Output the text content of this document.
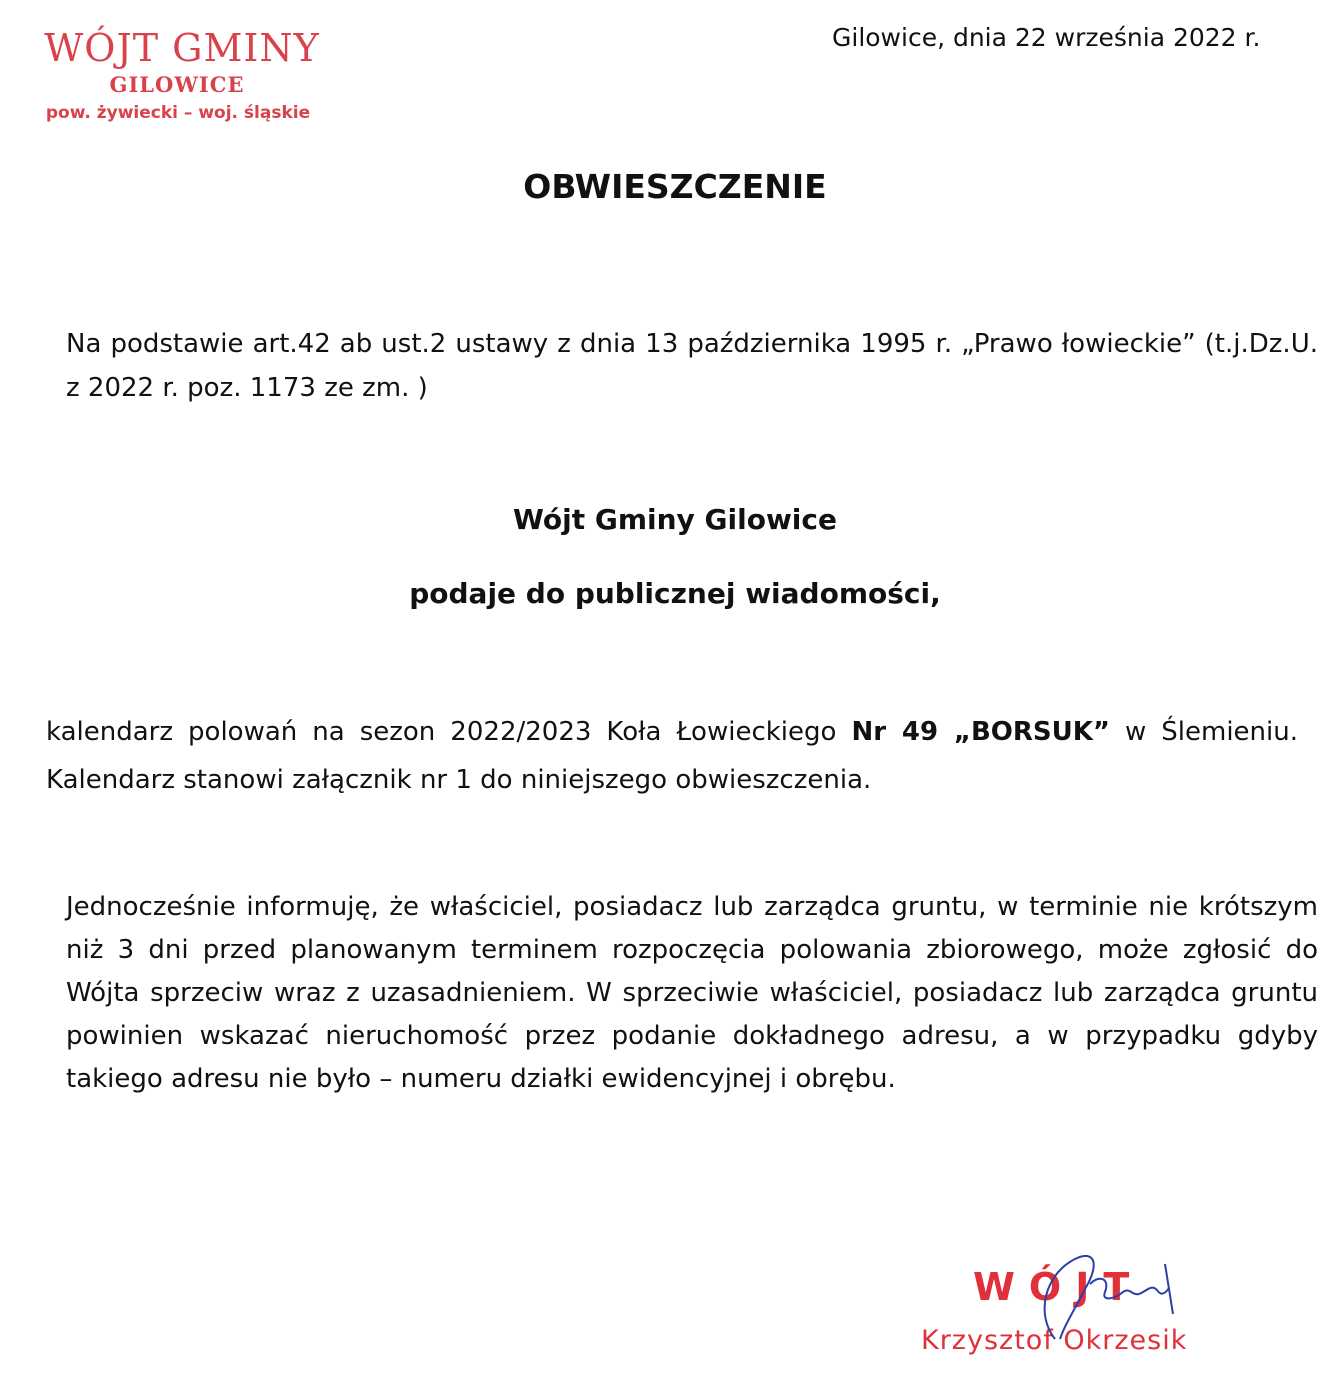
WÓJT GMINY
GILOWICE
pow. żywiecki – woj. śląskie
Gilowice, dnia 22 września 2022 r.
OBWIESZCZENIE
Na podstawie art.42 ab ust.2 ustawy z dnia 13 października 1995 r. „Prawo łowieckie” (t.j.Dz.U. z 2022 r. poz. 1173 ze zm. )
Wójt Gminy Gilowice
podaje do publicznej wiadomości,
kalendarz polowań na sezon 2022/2023 Koła Łowieckiego Nr 49 „BORSUK” w Ślemieniu. Kalendarz stanowi załącznik nr 1 do niniejszego obwieszczenia.
Jednocześnie informuję, że właściciel, posiadacz lub zarządca gruntu, w terminie nie krótszym niż 3 dni przed planowanym terminem rozpoczęcia polowania zbiorowego, może zgłosić do Wójta sprzeciw wraz z uzasadnieniem. W sprzeciwie właściciel, posiadacz lub zarządca gruntu powinien wskazać nieruchomość przez podanie dokładnego adresu, a w przypadku gdyby takiego adresu nie było – numeru działki ewidencyjnej i obrębu.
WÓJT
Krzysztof Okrzesik
